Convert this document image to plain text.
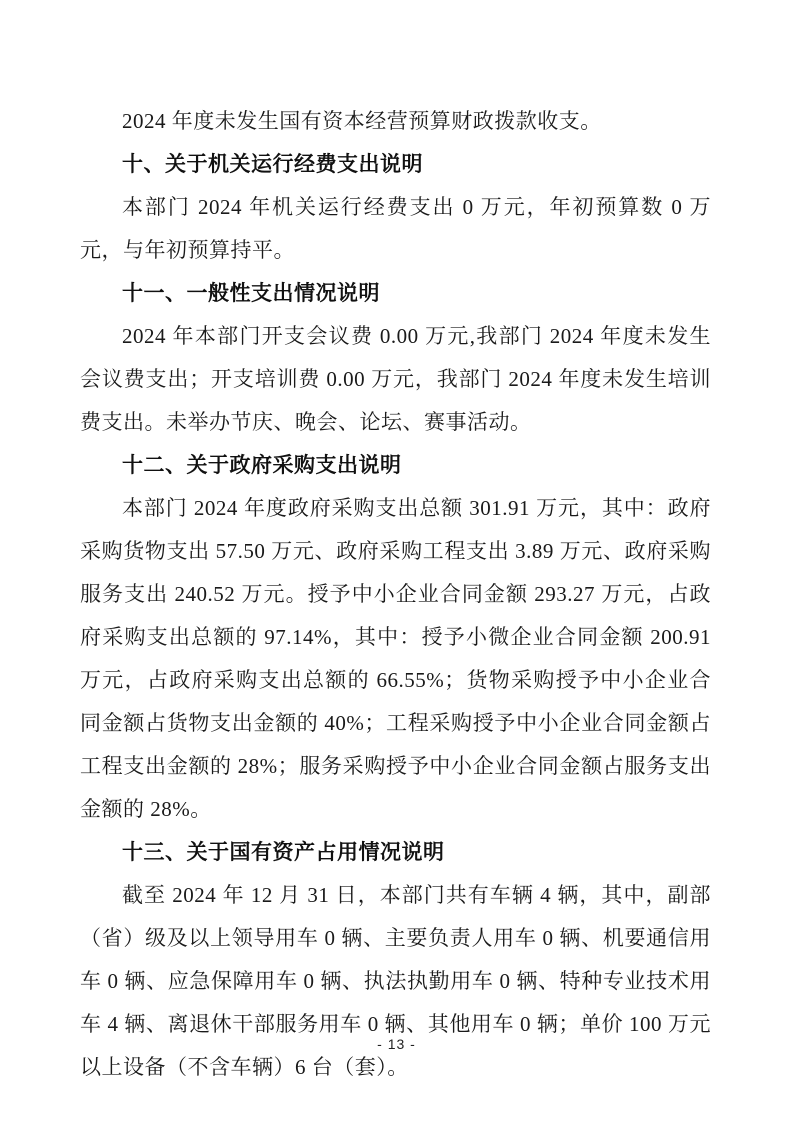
2024 年度未发生国有资本经营预算财政拨款收支。

十、关于机关运行经费支出说明

本部门 2024 年机关运行经费支出 0 万元，年初预算数 0 万元，与年初预算持平。

十一、一般性支出情况说明

2024 年本部门开支会议费 0.00 万元,我部门 2024 年度未发生会议费支出；开支培训费 0.00 万元，我部门 2024 年度未发生培训费支出。未举办节庆、晚会、论坛、赛事活动。

十二、关于政府采购支出说明

本部门 2024 年度政府采购支出总额 301.91 万元，其中：政府采购货物支出 57.50 万元、政府采购工程支出 3.89 万元、政府采购服务支出 240.52 万元。授予中小企业合同金额 293.27 万元，占政府采购支出总额的 97.14%，其中：授予小微企业合同金额 200.91 万元，占政府采购支出总额的 66.55%；货物采购授予中小企业合同金额占货物支出金额的 40%；工程采购授予中小企业合同金额占工程支出金额的 28%；服务采购授予中小企业合同金额占服务支出金额的 28%。

十三、关于国有资产占用情况说明

截至 2024 年 12 月 31 日，本部门共有车辆 4 辆，其中，副部（省）级及以上领导用车 0 辆、主要负责人用车 0 辆、机要通信用车 0 辆、应急保障用车 0 辆、执法执勤用车 0 辆、特种专业技术用车 4 辆、离退休干部服务用车 0 辆、其他用车 0 辆；单价 100 万元以上设备（不含车辆）6 台（套）。

- 13 -
